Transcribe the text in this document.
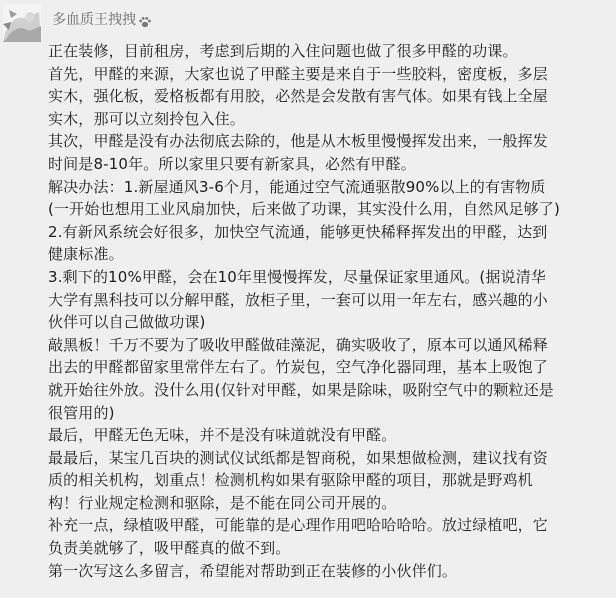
多血质王拽拽

正在装修，目前租房，考虑到后期的入住问题也做了很多甲醛的功课。
首先，甲醛的来源，大家也说了甲醛主要是来自于一些胶料，密度板，多层
实木，强化板，爱格板都有用胶，必然是会发散有害气体。如果有钱上全屋
实木，那可以立刻拎包入住。
其次，甲醛是没有办法彻底去除的，他是从木板里慢慢挥发出来，一般挥发
时间是8-10年。所以家里只要有新家具，必然有甲醛。
解决办法：1.新屋通风3-6个月，能通过空气流通驱散90%以上的有害物质
(一开始也想用工业风扇加快，后来做了功课，其实没什么用，自然风足够了)
2.有新风系统会好很多，加快空气流通，能够更快稀释挥发出的甲醛，达到
健康标准。
3.剩下的10%甲醛，会在10年里慢慢挥发，尽量保证家里通风。(据说清华
大学有黑科技可以分解甲醛，放柜子里，一套可以用一年左右，感兴趣的小
伙伴可以自己做做功课)
敲黑板！千万不要为了吸收甲醛做硅藻泥，确实吸收了，原本可以通风稀释
出去的甲醛都留家里常伴左右了。竹炭包，空气净化器同理，基本上吸饱了
就开始往外放。没什么用(仅针对甲醛，如果是除味，吸附空气中的颗粒还是
很管用的)
最后，甲醛无色无味，并不是没有味道就没有甲醛。
最最后，某宝几百块的测试仪试纸都是智商税，如果想做检测，建议找有资
质的相关机构，划重点！检测机构如果有驱除甲醛的项目，那就是野鸡机
构！行业规定检测和驱除，是不能在同公司开展的。
补充一点，绿植吸甲醛，可能靠的是心理作用吧哈哈哈哈。放过绿植吧，它
负责美就够了，吸甲醛真的做不到。
第一次写这么多留言，希望能对帮助到正在装修的小伙伴们。
